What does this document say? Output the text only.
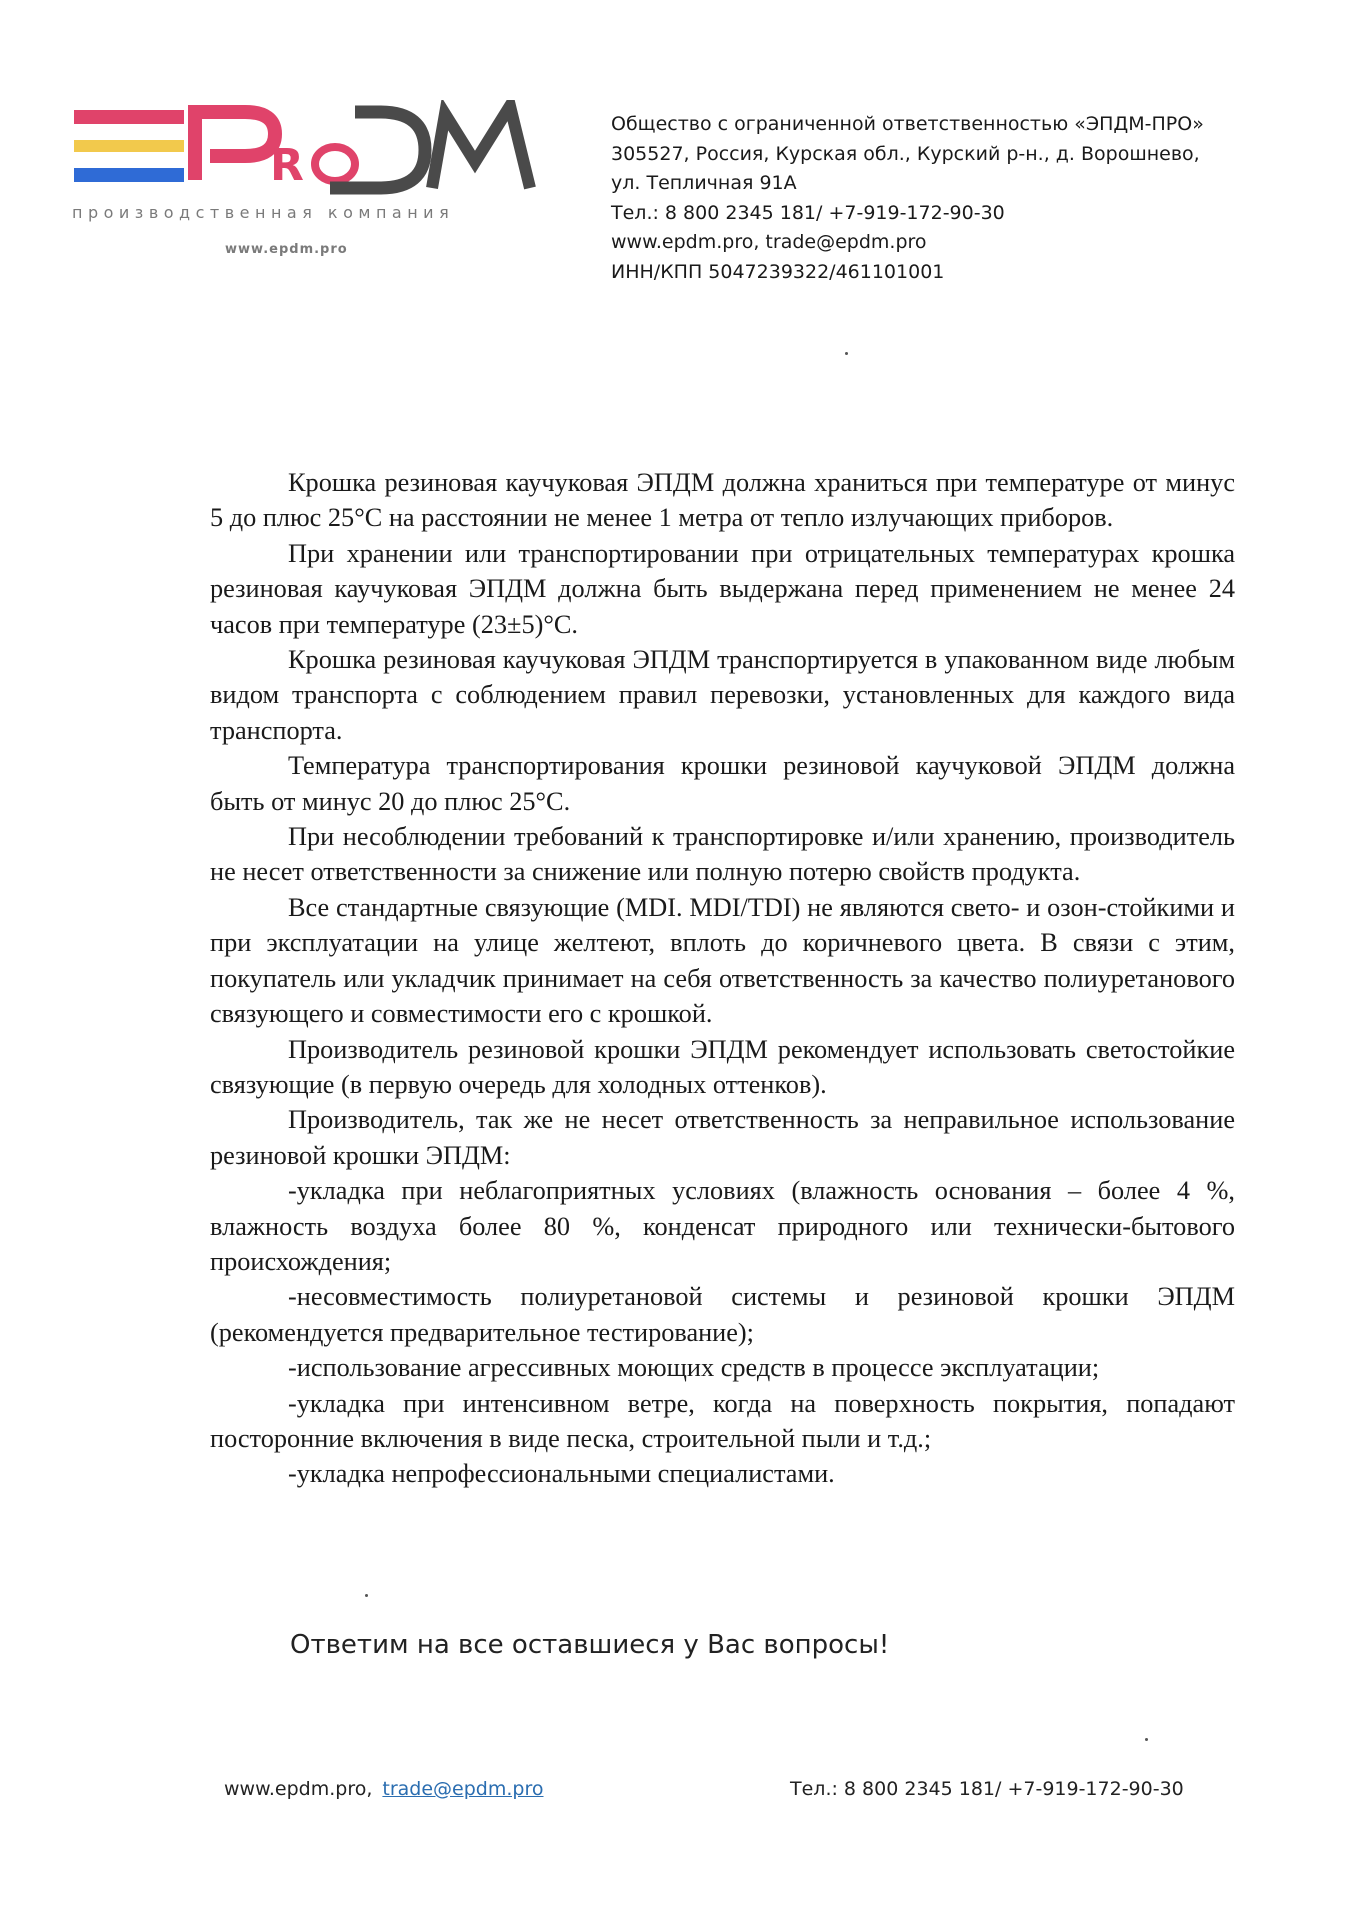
R
производственная компания
www.epdm.pro
Общество с ограниченной ответственностью «ЭПДМ-ПРО»
305527, Россия, Курская обл., Курский р-н., д. Ворошнево,
ул. Тепличная 91А
Тел.: 8 800 2345 181/ +7-919-172-90-30
www.epdm.pro, trade@epdm.pro
ИНН/КПП 5047239322/461101001

Крошка резиновая каучуковая ЭПДМ должна храниться при температуре от минус 5 до плюс 25°С на расстоянии не менее 1 метра от тепло излучающих приборов.

При хранении или транспортировании при отрицательных температурах крошка резиновая каучуковая ЭПДМ должна быть выдержана перед применением не менее 24 часов при температуре (23±5)°С.

Крошка резиновая каучуковая ЭПДМ транспортируется в упакованном виде любым видом транспорта с соблюдением правил перевозки, установленных для каждого вида транспорта.

Температура транспортирования крошки резиновой каучуковой ЭПДМ должна быть от минус 20 до плюс 25°С.

При несоблюдении требований к транспортировке и/или хранению, производитель не несет ответственности за снижение или полную потерю свойств продукта.

Все стандартные связующие (MDI. MDI/TDI) не являются свето- и озон-стойкими и при эксплуатации на улице желтеют, вплоть до коричневого цвета. В связи с этим, покупатель или укладчик принимает на себя ответственность за качество полиуретанового связующего и совместимости его с крошкой.

Производитель резиновой крошки ЭПДМ рекомендует использовать светостойкие связующие (в первую очередь для холодных оттенков).

Производитель, так же не несет ответственность за неправильное использование резиновой крошки ЭПДМ:

-укладка при неблагоприятных условиях (влажность основания – более 4 %, влажность воздуха более 80 %, конденсат природного или технически-бытового происхождения;

-несовместимость полиуретановой системы и резиновой крошки ЭПДМ (рекомендуется предварительное тестирование);

-использование агрессивных моющих средств в процессе эксплуатации;

-укладка при интенсивном ветре, когда на поверхность покрытия, попадают посторонние включения в виде песка, строительной пыли и т.д.;

-укладка непрофессиональными специалистами.

Ответим на все оставшиеся у Вас вопросы!
www.epdm.pro, trade@epdm.pro	Тел.: 8 800 2345 181/ +7-919-172-90-30
